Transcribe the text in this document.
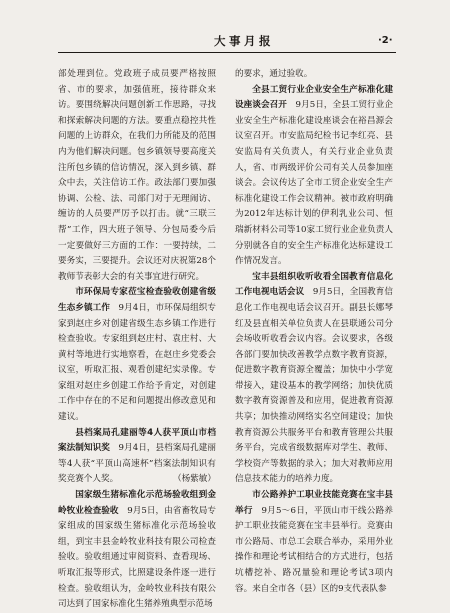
大事月报	·2·

部处理到位。党政班子成员要严格按照省、市的要求，加强值班，接待群众来访。要围绕解决问题创新工作思路，寻找和探索解决问题的方法。要重点稳控共性问题的上访群众，在我们力所能及的范围内为他们解决问题。包乡镇领导要高度关注所包乡镇的信访情况，深入到乡镇、群众中去，关注信访工作。政法部门要加强协调、公检、法、司部门对于无理闹访、缠访的人员要严厉予以打击。就“三联三帮”工作，四大班子领导、分包局委今后一定要做好三方面的工作：一要持续，二要务实，三要提升。会议还对庆祝第28个教师节表彰大会的有关事宜进行研究。

市环保局专家莅宝检查验收创建省级生态乡镇工作　 9月4日，市环保局组织专家到赵庄乡对创建省级生态乡镇工作进行检查验收。专家组到赵庄村、袁庄村、大黄村等地进行实地察看，在赵庄乡党委会议室，听取汇报、观看创建纪实录像。专家组对赵庄乡创建工作给予肯定，对创建工作中存在的不足和问题提出修改意见和建议。

县档案局孔建丽等4人获平顶山市档案法制知识奖　 9月4日，县档案局孔建丽等4人获“平顶山高速杯”档案法制知识有奖竞赛个人奖。	（杨紫敏）

国家级生猪标准化示范场验收组到金岭牧业检查验收　 9月5日，由省畜牧局专家组成的国家级生猪标准化示范场验收组，到宝丰县金岭牧业科技有限公司检查验收。验收组通过审阅资料、查看现场、听取汇报等形式，比照建设条件逐一进行检查。验收组认为，金岭牧业科技有限公司达到了国家标准化生猪养殖典型示范场

的要求，通过验收。

全县工贸行业企业安全生产标准化建设座谈会召开　 9月5日，全县工贸行业企业安全生产标准化建设座谈会在裕昌源会议室召开。市安监局纪检书记李红亮、县安监局有关负责人，有关行业企业负责人，省、市两级评价公司有关人员参加座谈会。会议传达了全市工贸企业安全生产标准化建设工作会议精神。被市政府明确为2012年达标计划的伊利乳业公司、恒瑞新材料公司等10家工贸行业企业负责人分别就各自的安全生产标准化达标建设工作情况发言。

宝丰县组织收听收看全国教育信息化工作电视电话会议　 9月5日，全国教育信息化工作电视电话会议召开。副县长娜琴红及县直相关单位负责人在县联通公司分会场收听收看会议内容。会议要求，各级各部门要加快改善教学点数字教育资源，促进数字教育资源全覆盖；加快中小学宽带接入，建设基本的教学网络；加快优质数字教育资源普及和应用，促进教育资源共享；加快推动网络实名空间建设；加快教育资源公共服务平台和教育管理公共服务平台，完成省级数据库对学生、教师、学校资产等数据的录入；加大对教师应用信息技术能力的培养力度。

市公路养护工职业技能竞赛在宝丰县举行　 9月5～6日，平顶山市干线公路养护工职业技能竞赛在宝丰县举行。竞赛由市公路局、市总工会联合举办，采用外业操作和理论考试相结合的方式进行，包括坑槽挖补、路况量验和理论考试3项内容。来自全市各（县）区的9支代表队参
